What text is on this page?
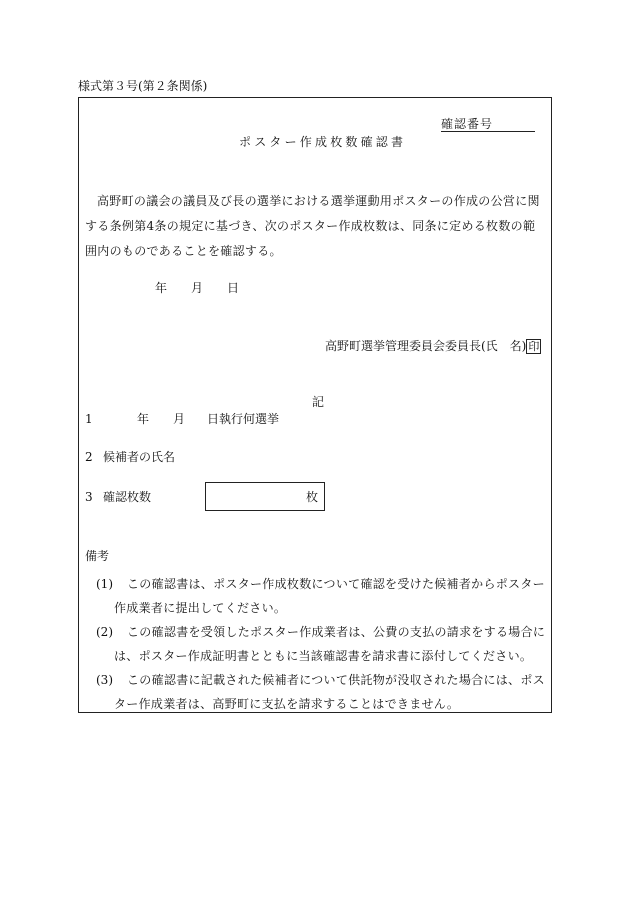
様式第３号(第２条関係)
確認番号
ポスター作成枚数確認書
高野町の議会の議員及び長の選挙における選挙運動用ポスターの作成の公営に関する条例第4条の規定に基づき、次のポスター作成枚数は、同条に定める枚数の範囲内のものであることを確認する。
年 月 日
高野町選挙管理委員会委員長(氏　名) 印
記
1	年 月 日執行何選挙
2 候補者の氏名
3 確認枚数	枚
備考
(1)	この確認書は、ポスター作成枚数について確認を受けた候補者からポスター作成業者に提出してください。
(2)	この確認書を受領したポスター作成業者は、公費の支払の請求をする場合には、ポスター作成証明書とともに当該確認書を請求書に添付してください。
(3)	この確認書に記載された候補者について供託物が没収された場合には、ポスター作成業者は、高野町に支払を請求することはできません。
